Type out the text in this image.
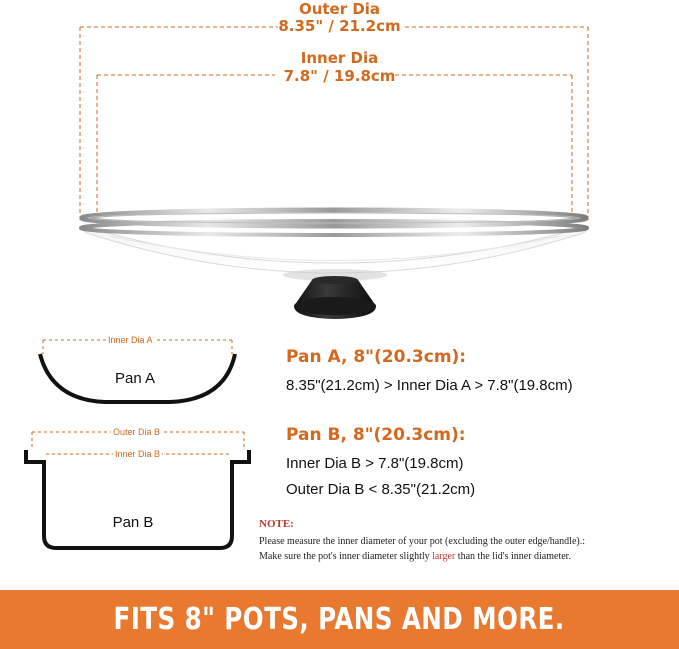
Outer Dia
8.35" / 21.2cm
Inner Dia
7.8" / 19.8cm
Inner Dia A
Pan A
Outer Dia B
Inner Dia B
Pan B
Pan A, 8"(20.3cm):
8.35"(21.2cm) > Inner Dia A > 7.8"(19.8cm)
Pan B, 8"(20.3cm):
Inner Dia B > 7.8"(19.8cm)
Outer Dia B < 8.35"(21.2cm)
NOTE:
Please measure the inner diameter of your pot (excluding the outer edge/handle).:
Make sure the pot's inner diameter slightly larger than the lid's inner diameter.
FITS 8" POTS, PANS AND MORE.
